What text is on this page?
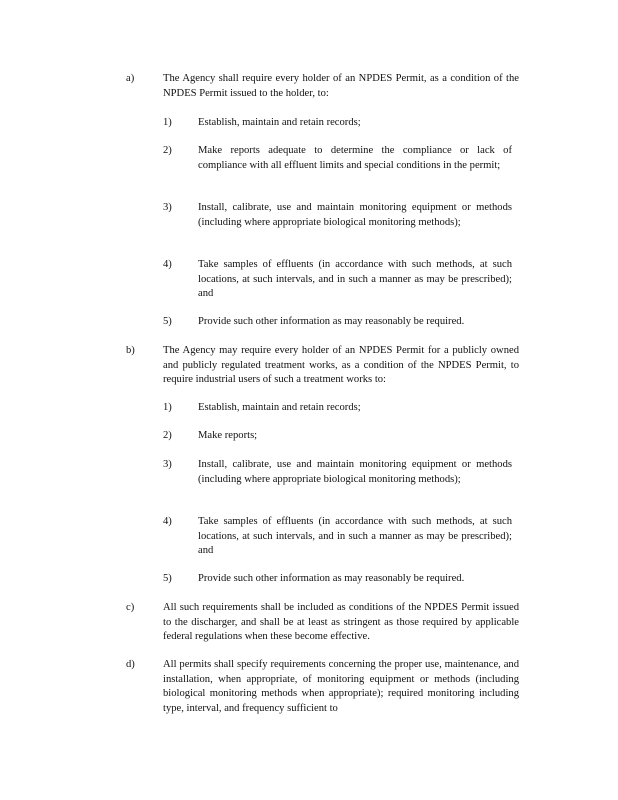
a)	The Agency shall require every holder of an NPDES Permit, as a condition of the NPDES Permit issued to the holder, to:
1) Establish, maintain and retain records;
2) Make reports adequate to determine the compliance or lack of compliance with all effluent limits and special conditions in the permit;
3) Install, calibrate, use and maintain monitoring equipment or methods (including where appropriate biological monitoring methods);
4) Take samples of effluents (in accordance with such methods, at such locations, at such intervals, and in such a manner as may be prescribed); and
5) Provide such other information as may reasonably be required.
b)	The Agency may require every holder of an NPDES Permit for a publicly owned and publicly regulated treatment works, as a condition of the NPDES Permit, to require industrial users of such a treatment works to:
1) Establish, maintain and retain records;
2) Make reports;
3) Install, calibrate, use and maintain monitoring equipment or methods (including where appropriate biological monitoring methods);
4) Take samples of effluents (in accordance with such methods, at such locations, at such intervals, and in such a manner as may be prescribed); and
5) Provide such other information as may reasonably be required.
c)	All such requirements shall be included as conditions of the NPDES Permit issued to the discharger, and shall be at least as stringent as those required by applicable federal regulations when these become effective.
d)	All permits shall specify requirements concerning the proper use, maintenance, and installation, when appropriate, of monitoring equipment or methods (including biological monitoring methods when appropriate); required monitoring including type, interval, and frequency sufficient to
